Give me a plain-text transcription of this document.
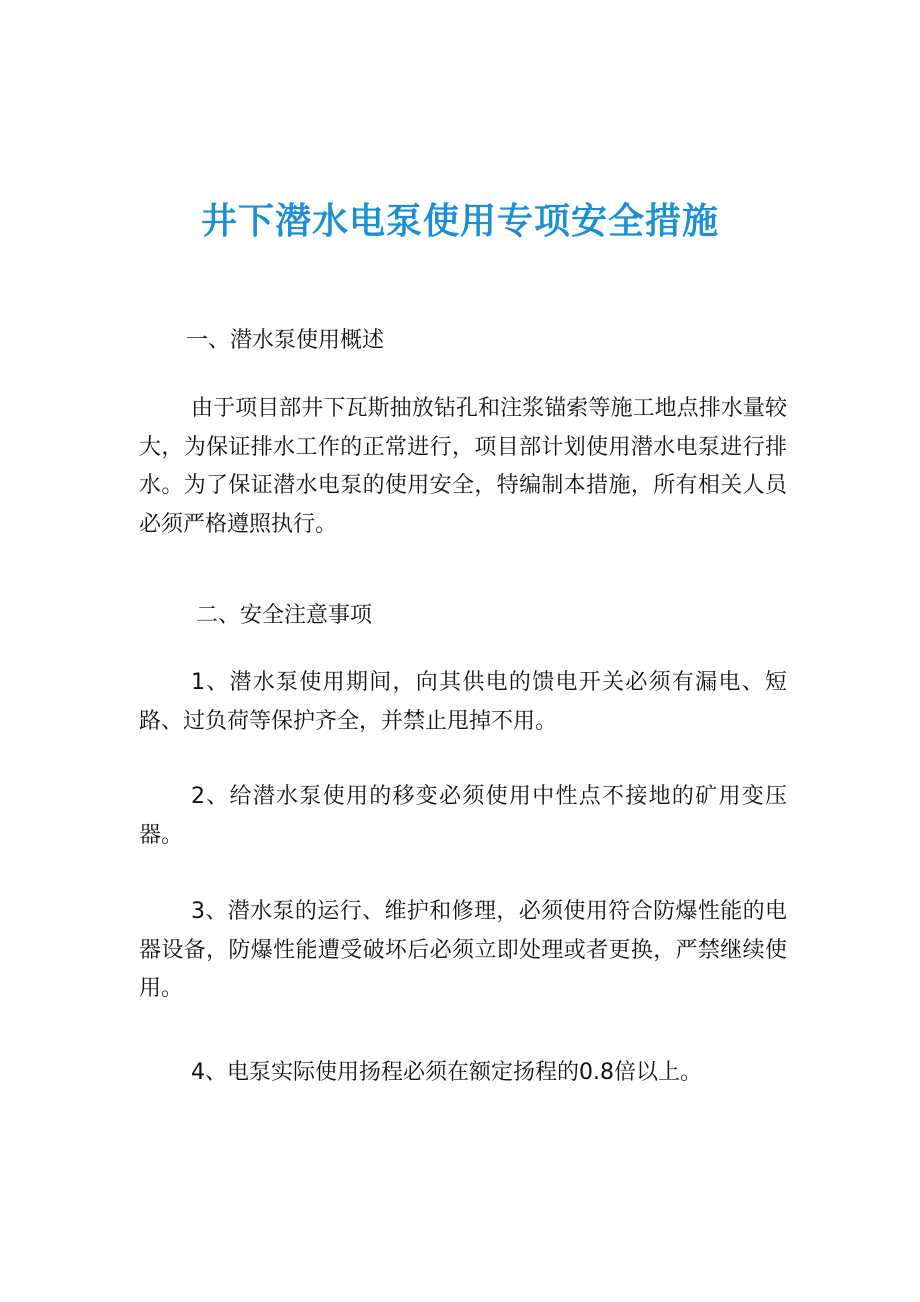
井下潜水电泵使用专项安全措施

一、潜水泵使用概述

由于项目部井下瓦斯抽放钻孔和注浆锚索等施工地点排水量较大，为保证排水工作的正常进行，项目部计划使用潜水电泵进行排水。为了保证潜水电泵的使用安全，特编制本措施，所有相关人员必须严格遵照执行。

二、安全注意事项

1、潜水泵使用期间，向其供电的馈电开关必须有漏电、短路、过负荷等保护齐全，并禁止甩掉不用。

2、给潜水泵使用的移变必须使用中性点不接地的矿用变压器。

3、潜水泵的运行、维护和修理，必须使用符合防爆性能的电器设备，防爆性能遭受破坏后必须立即处理或者更换，严禁继续使用。

4、电泵实际使用扬程必须在额定扬程的0.8倍以上。
